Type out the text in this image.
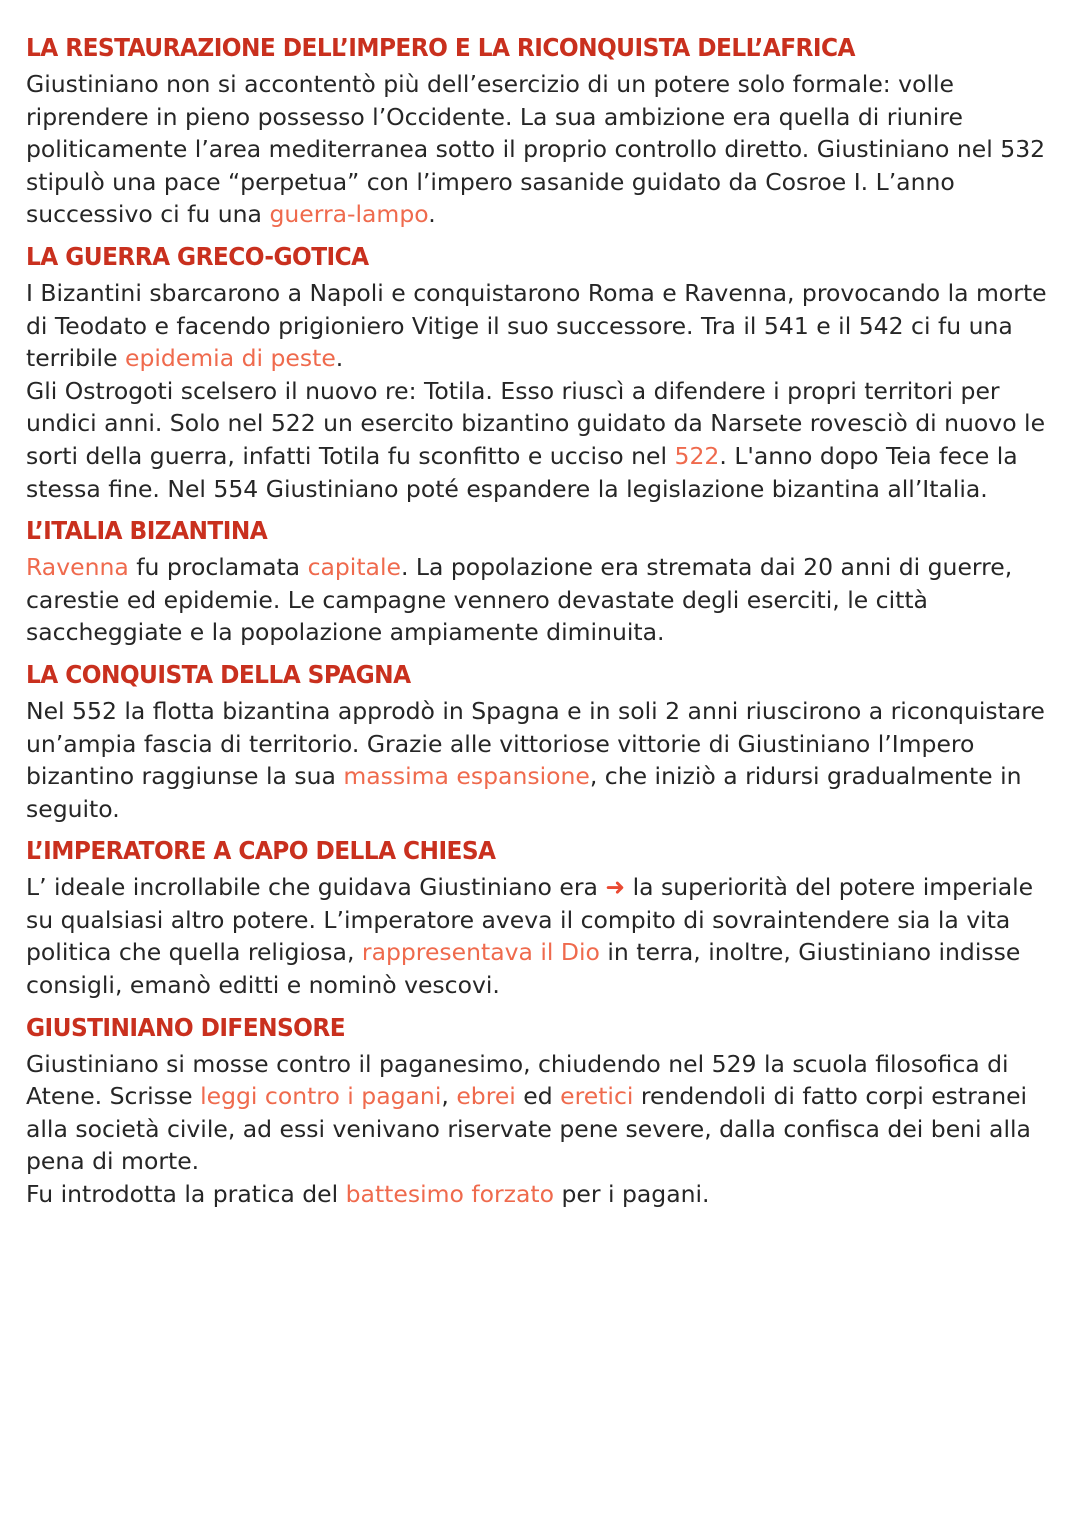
LA RESTAURAZIONE DELL’IMPERO E LA RICONQUISTA DELL’AFRICA

Giustiniano non si accontentò più dell’esercizio di un potere solo formale: volle riprendere in pieno possesso l’Occidente. La sua ambizione era quella di riunire politicamente l’area mediterranea sotto il proprio controllo diretto. Giustiniano nel 532 stipulò una pace “perpetua” con l’impero sasanide guidato da Cosroe I. L’anno successivo ci fu una guerra-lampo.

LA GUERRA GRECO-GOTICA

I Bizantini sbarcarono a Napoli e conquistarono Roma e Ravenna, provocando la morte di Teodato e facendo prigioniero Vitige il suo successore. Tra il 541 e il 542 ci fu una terribile epidemia di peste.

Gli Ostrogoti scelsero il nuovo re: Totila. Esso riuscì a difendere i propri territori per undici anni. Solo nel 522 un esercito bizantino guidato da Narsete rovesciò di nuovo le sorti della guerra, infatti Totila fu sconfitto e ucciso nel 522. L'anno dopo Teia fece la stessa fine. Nel 554 Giustiniano poté espandere la legislazione bizantina all’Italia.

L’ITALIA BIZANTINA

Ravenna fu proclamata capitale. La popolazione era stremata dai 20 anni di guerre, carestie ed epidemie. Le campagne vennero devastate degli eserciti, le città saccheggiate e la popolazione ampiamente diminuita.

LA CONQUISTA DELLA SPAGNA

Nel 552 la flotta bizantina approdò in Spagna e in soli 2 anni riuscirono a riconquistare un’ampia fascia di territorio. Grazie alle vittoriose vittorie di Giustiniano l’Impero bizantino raggiunse la sua massima espansione, che iniziò a ridursi gradualmente in seguito.

L’IMPERATORE A CAPO DELLA CHIESA

L’ ideale incrollabile che guidava Giustiniano era ➜ la superiorità del potere imperiale su qualsiasi altro potere. L’imperatore aveva il compito di sovraintendere sia la vita politica che quella religiosa, rappresentava il Dio in terra, inoltre, Giustiniano indisse consigli, emanò editti e nominò vescovi.

GIUSTINIANO DIFENSORE

Giustiniano si mosse contro il paganesimo, chiudendo nel 529 la scuola filosofica di Atene. Scrisse leggi contro i pagani, ebrei ed eretici rendendoli di fatto corpi estranei alla società civile, ad essi venivano riservate pene severe, dalla confisca dei beni alla pena di morte.

Fu introdotta la pratica del battesimo forzato per i pagani.
